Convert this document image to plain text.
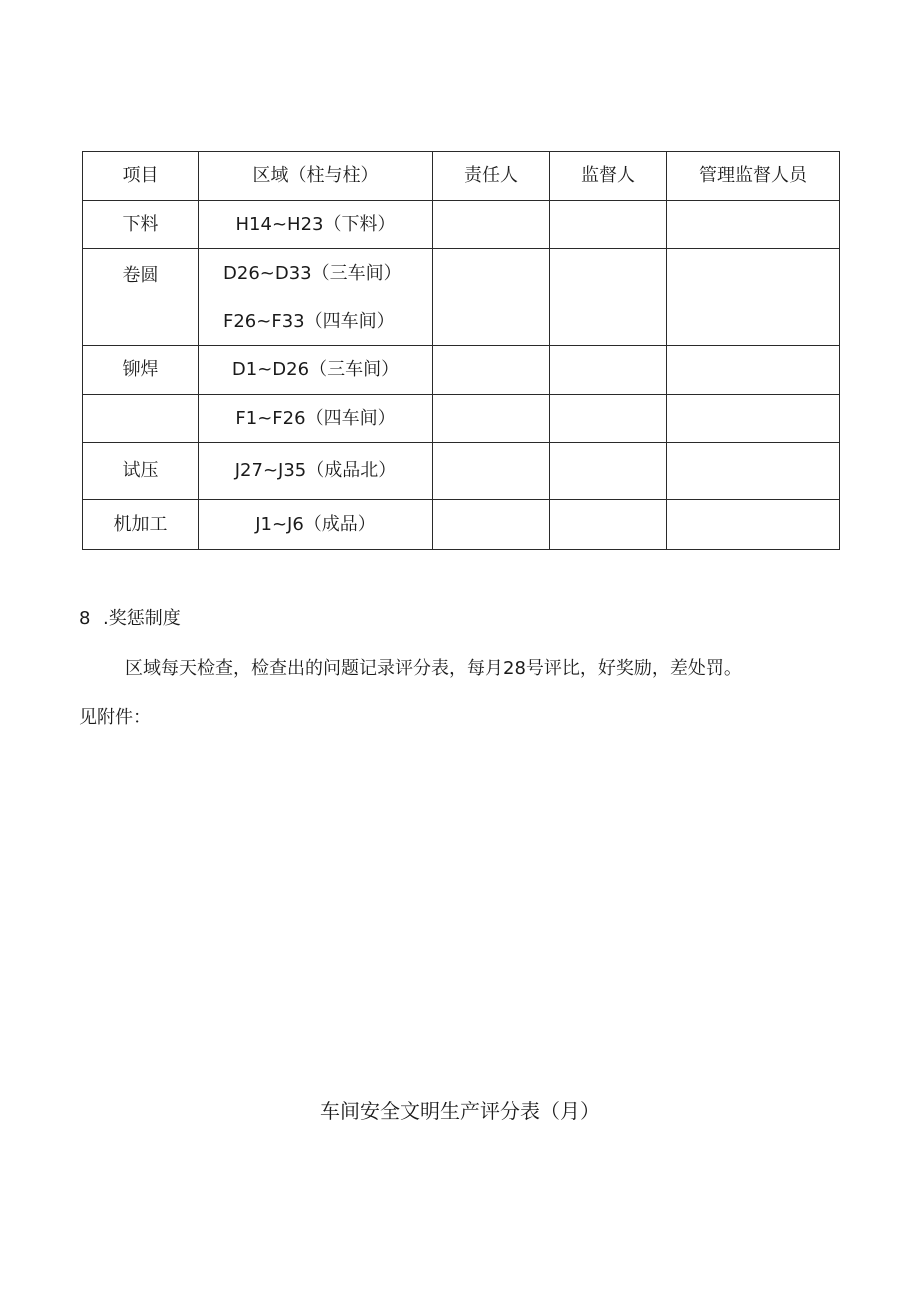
项目	区域（柱与柱）	责任人	监督人	管理监督人员
下料	H14~H23（下料）			
卷圆	D26~D33（三车间）
F26~F33（四车间）			

铆焊	D1~D26（三车间）			
	F1~F26（四车间）			
试压	J27~J35（成品北）			
机加工	J1~J6（成品）			
8 .奖惩制度
区域每天检查，检查出的问题记录评分表，每月28号评比，好奖励，差处罚。
见附件：
车间安全文明生产评分表（月）
